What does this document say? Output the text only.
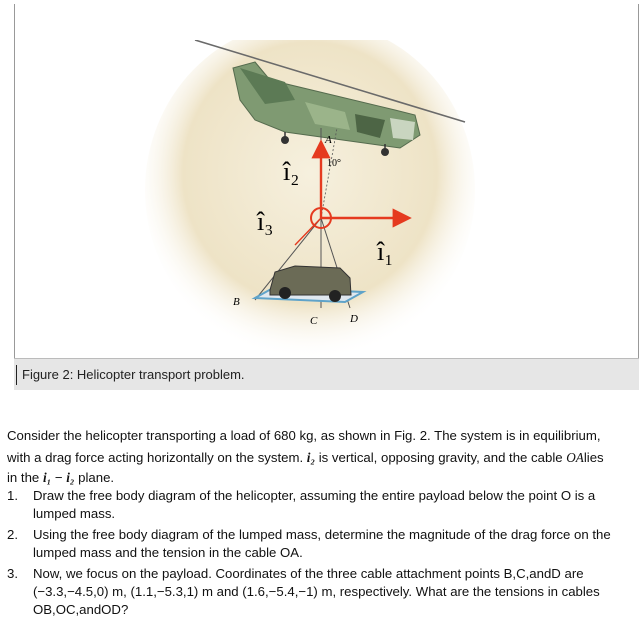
A
10°
î₂
î₃
î₁
B
C	D
Figure 2: Helicopter transport problem.
Consider the helicopter transporting a load of 680 kg, as shown in Fig. 2. The system is in equilibrium,
with a drag force acting horizontally on the system. i₂ is vertical, opposing gravity, and the cable OAlies
in the i₁ − i₂ plane.
1. Draw the free body diagram of the helicopter, assuming the entire payload below the point O is a lumped mass.
2. Using the free body diagram of the lumped mass, determine the magnitude of the drag force on the lumped mass and the tension in the cable OA.
3. Now, we focus on the payload. Coordinates of the three cable attachment points B,C,andD are (−3.3,−4.5,0) m, (1.1,−5.3,1) m and (1.6,−5.4,−1) m, respectively. What are the tensions in cables OB,OC,andOD?
